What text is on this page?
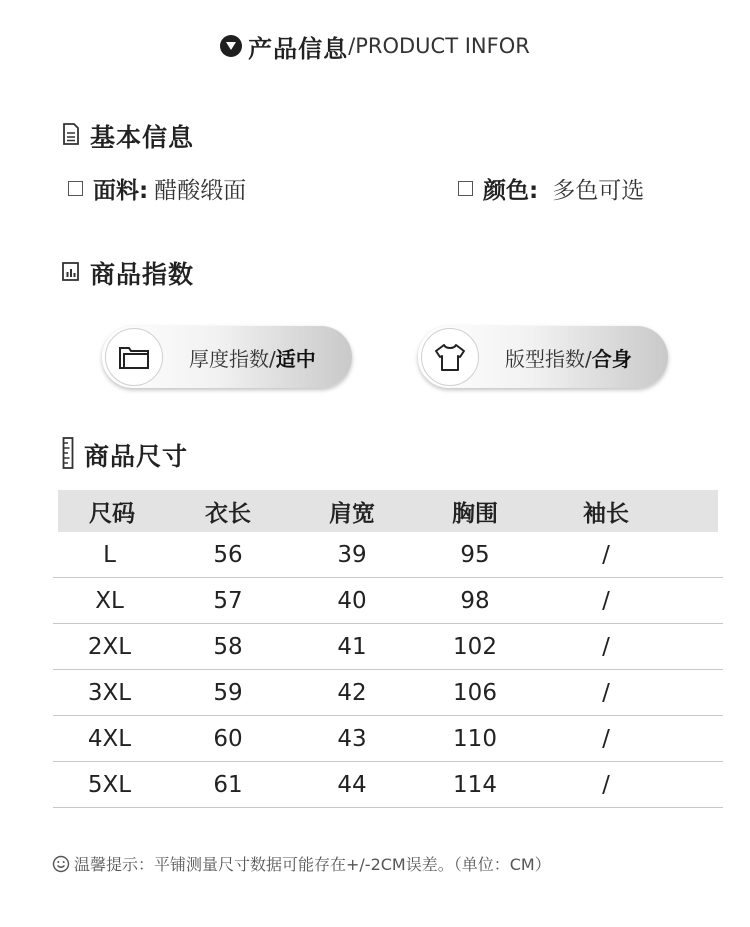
产品信息 /PRODUCT INFOR
基本信息
面料: 醋酸缎面	颜色: 多色可选
商品指数
厚度指数/适中	版型指数/合身
商品尺寸
尺码	衣长	肩宽	胸围	袖长
L	56	39	95	/
XL	57	40	98	/
2XL	58	41	102	/
3XL	59	42	106	/
4XL	60	43	110	/
5XL	61	44	114	/
温馨提示：平铺测量尺寸数据可能存在+/-2CM误差。（单位：CM）
